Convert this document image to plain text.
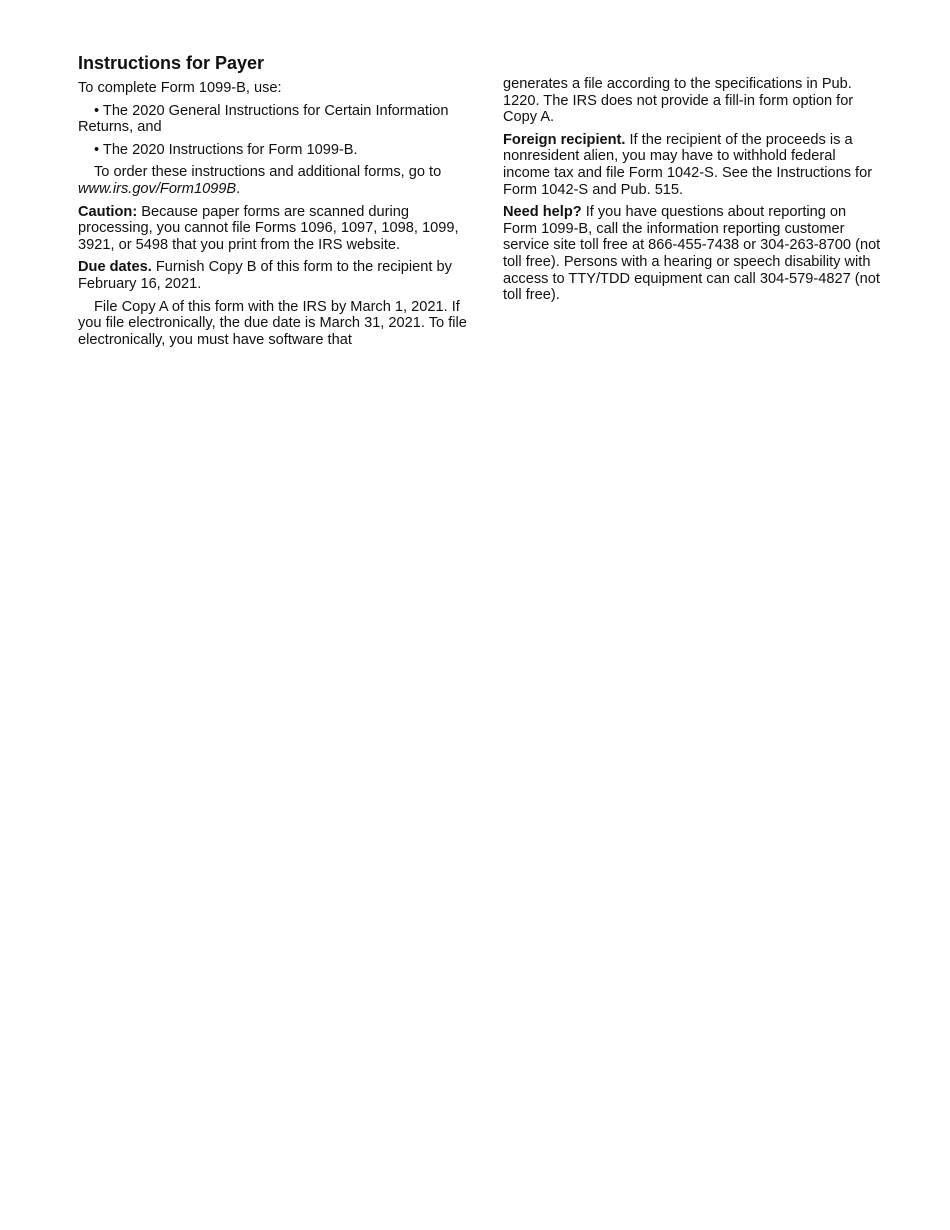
Instructions for Payer

To complete Form 1099-B, use:

• The 2020 General Instructions for Certain Information Returns, and

• The 2020 Instructions for Form 1099-B.

To order these instructions and additional forms, go to www.irs.gov/Form1099B.

Caution: Because paper forms are scanned during processing, you cannot file Forms 1096, 1097, 1098, 1099, 3921, or 5498 that you print from the IRS website.

Due dates. Furnish Copy B of this form to the recipient by February 16, 2021.

File Copy A of this form with the IRS by March 1, 2021. If you file electronically, the due date is March 31, 2021. To file electronically, you must have software that

generates a file according to the specifications in Pub. 1220. The IRS does not provide a fill-in form option for Copy A.

Foreign recipient. If the recipient of the proceeds is a nonresident alien, you may have to withhold federal income tax and file Form 1042-S. See the Instructions for Form 1042-S and Pub. 515.

Need help? If you have questions about reporting on Form 1099-B, call the information reporting customer service site toll free at 866-455-7438 or 304-263-8700 (not toll free). Persons with a hearing or speech disability with access to TTY/TDD equipment can call 304-579-4827 (not toll free).
